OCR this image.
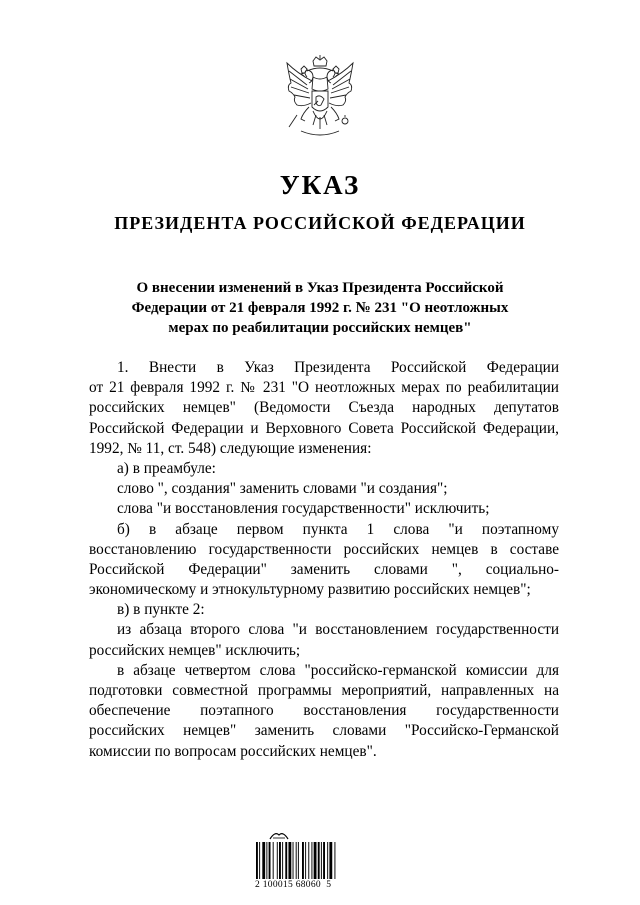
УКАЗ
ПРЕЗИДЕНТА РОССИЙСКОЙ ФЕДЕРАЦИИ
О внесении изменений в Указ Президента Российской
Федерации от 21 февраля 1992 г. № 231 "О неотложных
мерах по реабилитации российских немцев"
1. Внести в Указ Президента Российской Федерации
от 21 февраля 1992 г. № 231 "О неотложных мерах по реабилитации
российских немцев" (Ведомости Съезда народных депутатов
Российской Федерации и Верховного Совета Российской Федерации,
1992, № 11, ст. 548) следующие изменения:
а) в преамбуле:
слово ", создания" заменить словами "и создания";
слова "и восстановления государственности" исключить;
б) в абзаце первом пункта 1 слова "и поэтапному
восстановлению государственности российских немцев в составе
Российской Федерации" заменить словами ", социально-
экономическому и этнокультурному развитию российских немцев";
в) в пункте 2:
из абзаца второго слова "и восстановлением государственности
российских немцев" исключить;
в абзаце четвертом слова "российско-германской комиссии для
подготовки совместной программы мероприятий, направленных на
обеспечение поэтапного восстановления государственности
российских немцев" заменить словами "Российско-Германской
комиссии по вопросам российских немцев".
2 100015 68060  5
